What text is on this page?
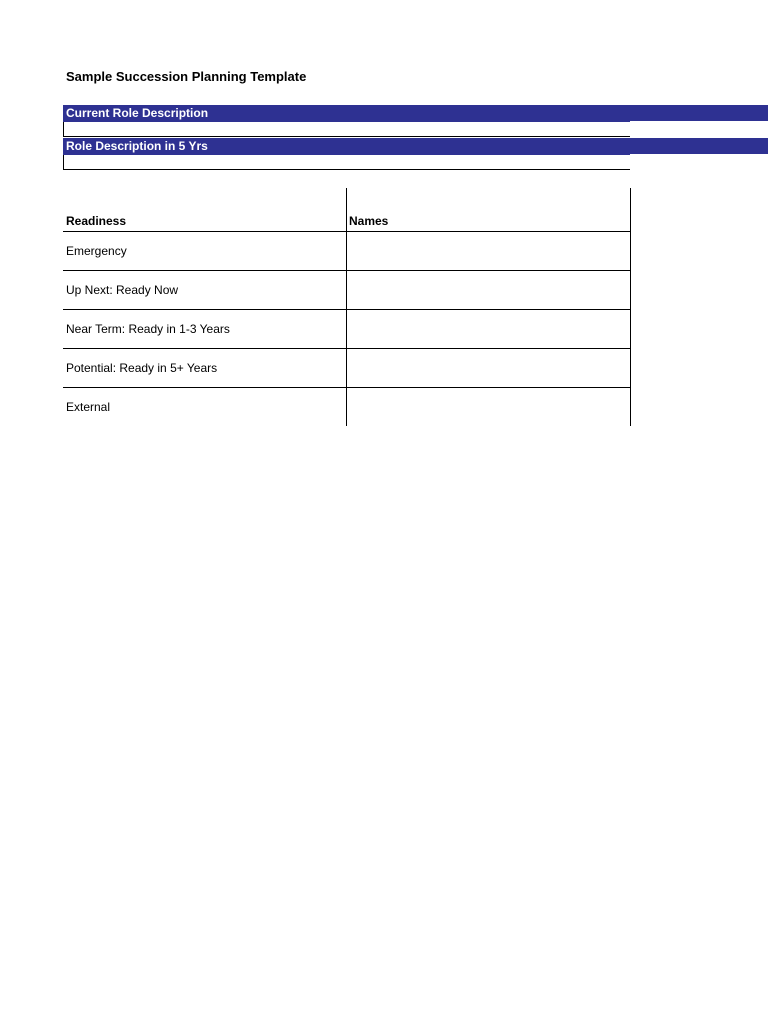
Sample Succession Planning Template
Current Role Description
Role Description in 5 Yrs
Readiness	Names
Emergency
Up Next: Ready Now
Near Term: Ready in 1-3 Years
Potential: Ready in 5+ Years
External
